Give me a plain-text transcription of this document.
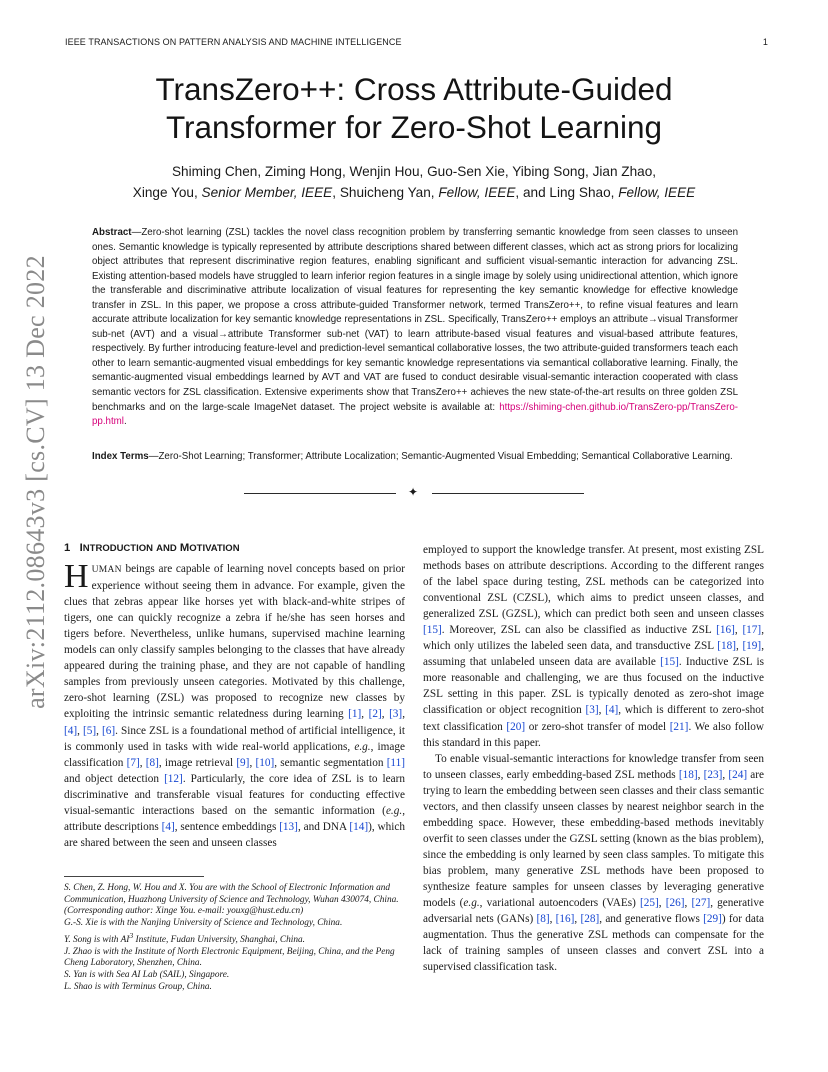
IEEE TRANSACTIONS ON PATTERN ANALYSIS AND MACHINE INTELLIGENCE	1
arXiv:2112.08643v3 [cs.CV] 13 Dec 2022
TransZero++: Cross Attribute-Guided
Transformer for Zero-Shot Learning
Shiming Chen, Ziming Hong, Wenjin Hou, Guo-Sen Xie, Yibing Song, Jian Zhao,
Xinge You, Senior Member, IEEE, Shuicheng Yan, Fellow, IEEE, and Ling Shao, Fellow, IEEE
Abstract—Zero-shot learning (ZSL) tackles the novel class recognition problem by transferring semantic knowledge from seen classes to unseen ones. Semantic knowledge is typically represented by attribute descriptions shared between different classes, which act as strong priors for localizing object attributes that represent discriminative region features, enabling significant and sufficient visual-semantic interaction for advancing ZSL. Existing attention-based models have struggled to learn inferior region features in a single image by solely using unidirectional attention, which ignore the transferable and discriminative attribute localization of visual features for representing the key semantic knowledge for effective knowledge transfer in ZSL. In this paper, we propose a cross attribute-guided Transformer network, termed TransZero++, to refine visual features and learn accurate attribute localization for key semantic knowledge representations in ZSL. Specifically, TransZero++ employs an attribute→visual Transformer sub-net (AVT) and a visual→attribute Transformer sub-net (VAT) to learn attribute-based visual features and visual-based attribute features, respectively. By further introducing feature-level and prediction-level semantical collaborative losses, the two attribute-guided transformers teach each other to learn semantic-augmented visual embeddings for key semantic knowledge representations via semantical collaborative learning. Finally, the semantic-augmented visual embeddings learned by AVT and VAT are fused to conduct desirable visual-semantic interaction cooperated with class semantic vectors for ZSL classification. Extensive experiments show that TransZero++ achieves the new state-of-the-art results on three golden ZSL benchmarks and on the large-scale ImageNet dataset. The project website is available at: https://shiming-chen.github.io/TransZero-pp/TransZero-pp.html.
Index Terms—Zero-Shot Learning; Transformer; Attribute Localization; Semantic-Augmented Visual Embedding; Semantical Collaborative Learning.
✦
1 INTRODUCTION AND MOTIVATION

HUMAN beings are capable of learning novel concepts based on prior experience without seeing them in advance. For example, given the clues that zebras appear like horses yet with black-and-white stripes of tigers, one can quickly recognize a zebra if he/she has seen horses and tigers before. Nevertheless, unlike humans, supervised machine learning models can only classify samples belonging to the classes that have already appeared during the training phase, and they are not capable of handling samples from previously unseen categories. Motivated by this challenge, zero-shot learning (ZSL) was proposed to recognize new classes by exploiting the intrinsic semantic relatedness during learning [1], [2], [3], [4], [5], [6]. Since ZSL is a foundational method of artificial intelligence, it is commonly used in tasks with wide real-world applications, e.g., image classification [7], [8], image retrieval [9], [10], semantic segmentation [11] and object detection [12]. Particularly, the core idea of ZSL is to learn discriminative and transferable visual features for conducting effective visual-semantic interactions based on the semantic information (e.g., attribute descriptions [4], sentence embeddings [13], and DNA [14]), which are shared between the seen and unseen classes

S. Chen, Z. Hong, W. Hou and X. You are with the School of Electronic Information and Communication, Huazhong University of Science and Technology, Wuhan 430074, China. (Corresponding author: Xinge You. e-mail: youxg@hust.edu.cn)

G.-S. Xie is with the Nanjing University of Science and Technology, China.

Y. Song is with $AI^3$ Institute, Fudan University, Shanghai, China.

J. Zhao is with the Institute of North Electronic Equipment, Beijing, China, and the Peng Cheng Laboratory, Shenzhen, China.

S. Yan is with Sea AI Lab (SAIL), Singapore.

L. Shao is with Terminus Group, China.

employed to support the knowledge transfer. At present, most existing ZSL methods bases on attribute descriptions. According to the different ranges of the label space during testing, ZSL methods can be categorized into conventional ZSL (CZSL), which aims to predict unseen classes, and generalized ZSL (GZSL), which can predict both seen and unseen classes [15]. Moreover, ZSL can also be classified as inductive ZSL [16], [17], which only utilizes the labeled seen data, and transductive ZSL [18], [19], assuming that unlabeled unseen data are available [15]. Inductive ZSL is more reasonable and challenging, we are thus focused on the inductive ZSL setting in this paper. ZSL is typically denoted as zero-shot image classification or object recognition [3], [4], which is different to zero-shot text classification [20] or zero-shot transfer of model [21]. We also follow this standard in this paper.

To enable visual-semantic interactions for knowledge transfer from seen to unseen classes, early embedding-based ZSL methods [18], [23], [24] are trying to learn the embedding between seen classes and their class semantic vectors, and then classify unseen classes by nearest neighbor search in the embedding space. However, these embedding-based methods inevitably overfit to seen classes under the GZSL setting (known as the bias problem), since the embedding is only learned by seen class samples. To mitigate this bias problem, many generative ZSL methods have been proposed to synthesize feature samples for unseen classes by leveraging generative models (e.g., variational autoencoders (VAEs) [25], [26], [27], generative adversarial nets (GANs) [8], [16], [28], and generative flows [29]) for data augmentation. Thus the generative ZSL methods can compensate for the lack of training samples of unseen classes and convert ZSL into a supervised classification task.
